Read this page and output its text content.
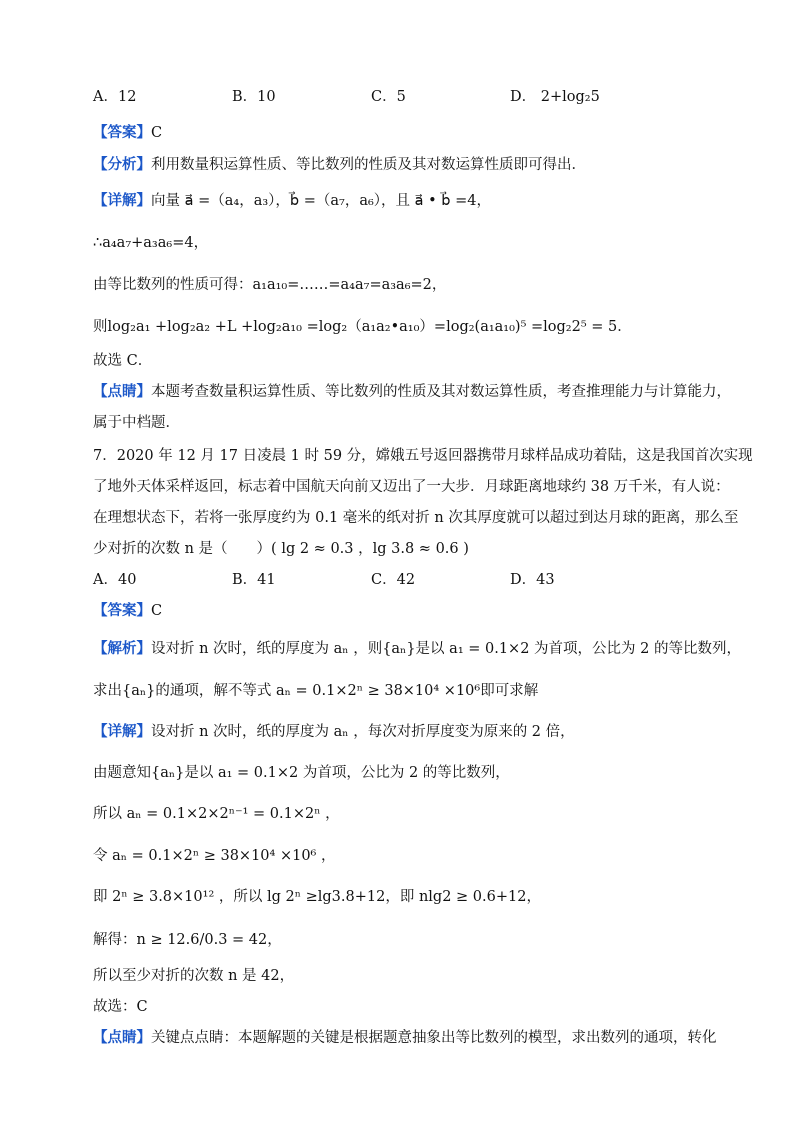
A．12	B．10	C．5	D． 2+log₂5
【答案】C
【分析】利用数量积运算性质、等比数列的性质及其对数运算性质即可得出．
【详解】向量 a⃗ =（a₄，a₃），b⃗ =（a₇，a₆），且 a⃗ • b⃗ =4，
∴a₄a₇+a₃a₆=4，
由等比数列的性质可得：a₁a₁₀=……=a₄a₇=a₃a₆=2，
则log₂a₁ +log₂a₂ +L +log₂a₁₀ =log₂（a₁a₂•a₁₀）=log₂(a₁a₁₀)⁵ =log₂2⁵ = 5．
故选 C．
【点睛】本题考查数量积运算性质、等比数列的性质及其对数运算性质，考查推理能力与计算能力，
属于中档题．
7．2020 年 12 月 17 日凌晨 1 时 59 分，嫦娥五号返回器携带月球样品成功着陆，这是我国首次实现
了地外天体采样返回，标志着中国航天向前又迈出了一大步．月球距离地球约 38 万千米，有人说：
在理想状态下，若将一张厚度约为 0.1 毫米的纸对折 n 次其厚度就可以超过到达月球的距离，那么至
少对折的次数 n 是（　　）( lg 2 ≈ 0.3 ，lg 3.8 ≈ 0.6 )
A．40	B．41	C．42	D．43
【答案】C
【解析】设对折 n 次时，纸的厚度为 aₙ ，则{aₙ}是以 a₁ = 0.1×2 为首项，公比为 2 的等比数列，
求出{aₙ}的通项，解不等式 aₙ = 0.1×2ⁿ ≥ 38×10⁴ ×10⁶即可求解
【详解】设对折 n 次时，纸的厚度为 aₙ ，每次对折厚度变为原来的 2 倍，
由题意知{aₙ}是以 a₁ = 0.1×2 为首项，公比为 2 的等比数列，
所以 aₙ = 0.1×2×2ⁿ⁻¹ = 0.1×2ⁿ ，
令 aₙ = 0.1×2ⁿ ≥ 38×10⁴ ×10⁶ ，
即 2ⁿ ≥ 3.8×10¹² ，所以 lg 2ⁿ ≥lg3.8+12，即 nlg2 ≥ 0.6+12，
解得：n ≥ 12.6/0.3 = 42，
所以至少对折的次数 n 是 42，
故选：C
【点睛】关键点点睛：本题解题的关键是根据题意抽象出等比数列的模型，求出数列的通项，转化
